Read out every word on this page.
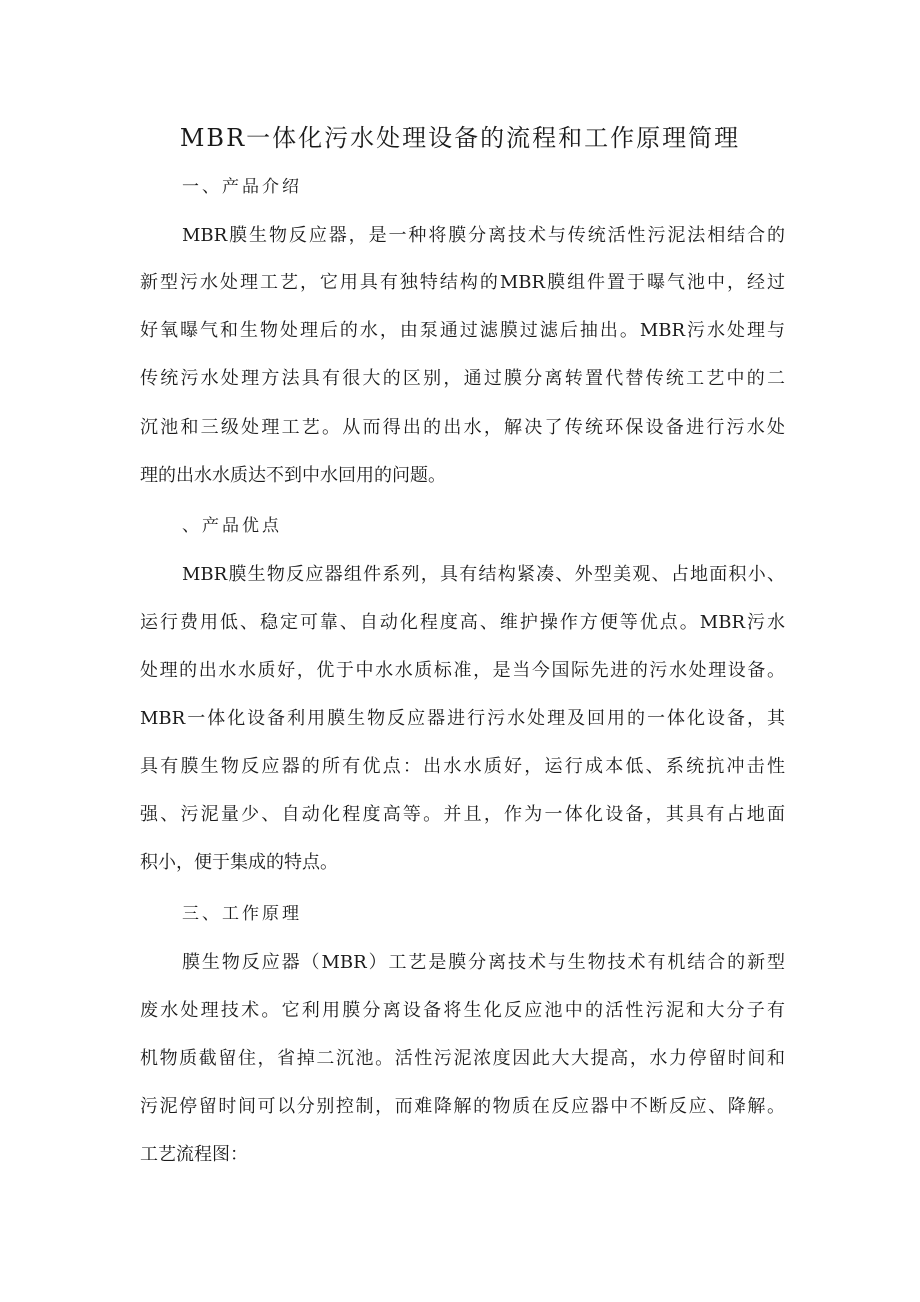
MBR一体化污水处理设备的流程和工作原理简理
一、产品介绍
MBR膜生物反应器，是一种将膜分离技术与传统活性污泥法相结合的
新型污水处理工艺，它用具有独特结构的MBR膜组件置于曝气池中，经过
好氧曝气和生物处理后的水，由泵通过滤膜过滤后抽出。MBR污水处理与
传统污水处理方法具有很大的区别，通过膜分离转置代替传统工艺中的二
沉池和三级处理工艺。从而得出的出水，解决了传统环保设备进行污水处
理的出水水质达不到中水回用的问题。
、产品优点
MBR膜生物反应器组件系列，具有结构紧凑、外型美观、占地面积小、
运行费用低、稳定可靠、自动化程度高、维护操作方便等优点。MBR污水
处理的出水水质好，优于中水水质标准，是当今国际先进的污水处理设备。
MBR一体化设备利用膜生物反应器进行污水处理及回用的一体化设备，其
具有膜生物反应器的所有优点：出水水质好，运行成本低、系统抗冲击性
强、污泥量少、自动化程度高等。并且，作为一体化设备，其具有占地面
积小，便于集成的特点。
三、工作原理
膜生物反应器（MBR）工艺是膜分离技术与生物技术有机结合的新型
废水处理技术。它利用膜分离设备将生化反应池中的活性污泥和大分子有
机物质截留住，省掉二沉池。活性污泥浓度因此大大提高，水力停留时间和
污泥停留时间可以分别控制，而难降解的物质在反应器中不断反应、降解。
工艺流程图：
